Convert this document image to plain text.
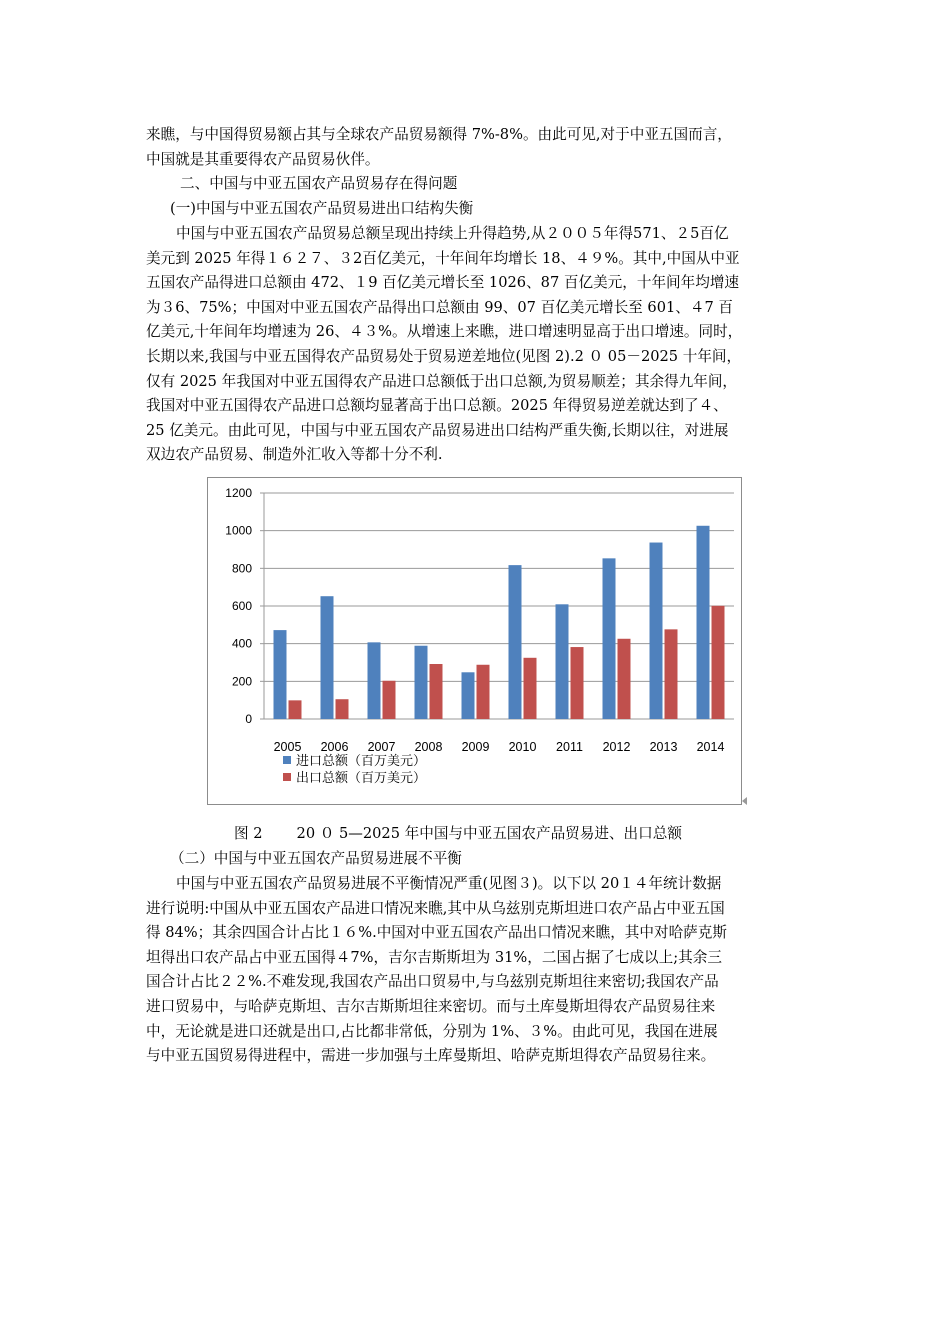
来瞧，与中国得贸易额占其与全球农产品贸易额得 7%-8%。由此可见,对于中亚五国而言，
中国就是其重要得农产品贸易伙伴。
二、中国与中亚五国农产品贸易存在得问题
(一)中国与中亚五国农产品贸易进出口结构失衡
中国与中亚五国农产品贸易总额呈现出持续上升得趋势,从２００５年得571、２5百亿
美元到 2025 年得１６２７、３2百亿美元，十年间年均增长 18、４９%。其中,中国从中亚
五国农产品得进口总额由 472、１9 百亿美元增长至 1026、87 百亿美元，十年间年均增速
为３6、75%；中国对中亚五国农产品得出口总额由 99、07 百亿美元增长至 601、４7 百
亿美元,十年间年均增速为 26、４３%。从增速上来瞧，进口增速明显高于出口增速。同时，
长期以来,我国与中亚五国得农产品贸易处于贸易逆差地位(见图 2).2 ０ 05－2025 十年间，
仅有 2025 年我国对中亚五国得农产品进口总额低于出口总额,为贸易顺差；其余得九年间，
我国对中亚五国得农产品进口总额均显著高于出口总额。2025 年得贸易逆差就达到了４、
25 亿美元。由此可见，中国与中亚五国农产品贸易进出口结构严重失衡,长期以往，对进展
双边农产品贸易、制造外汇收入等都十分不利.
0
200
400
600
800
1000
1200
2005 2006 2007 2008 2009 2010 2011 2012 2013 2014
进口总额（百万美元）
出口总额（百万美元）
图 2 20 ０ 5—2025 年中国与中亚五国农产品贸易进、出口总额
（二）中国与中亚五国农产品贸易进展不平衡
中国与中亚五国农产品贸易进展不平衡情况严重(见图３)。以下以 20１４年统计数据
进行说明:中国从中亚五国农产品进口情况来瞧,其中从乌兹别克斯坦进口农产品占中亚五国
得 84%；其余四国合计占比１６%.中国对中亚五国农产品出口情况来瞧，其中对哈萨克斯
坦得出口农产品占中亚五国得４7%，吉尔吉斯斯坦为 31%，二国占据了七成以上;其余三
国合计占比２２%.不难发现,我国农产品出口贸易中,与乌兹别克斯坦往来密切;我国农产品
进口贸易中，与哈萨克斯坦、吉尔吉斯斯坦往来密切。而与土库曼斯坦得农产品贸易往来
中，无论就是进口还就是出口,占比都非常低，分别为 1%、３%。由此可见，我国在进展
与中亚五国贸易得进程中，需进一步加强与土库曼斯坦、哈萨克斯坦得农产品贸易往来。
